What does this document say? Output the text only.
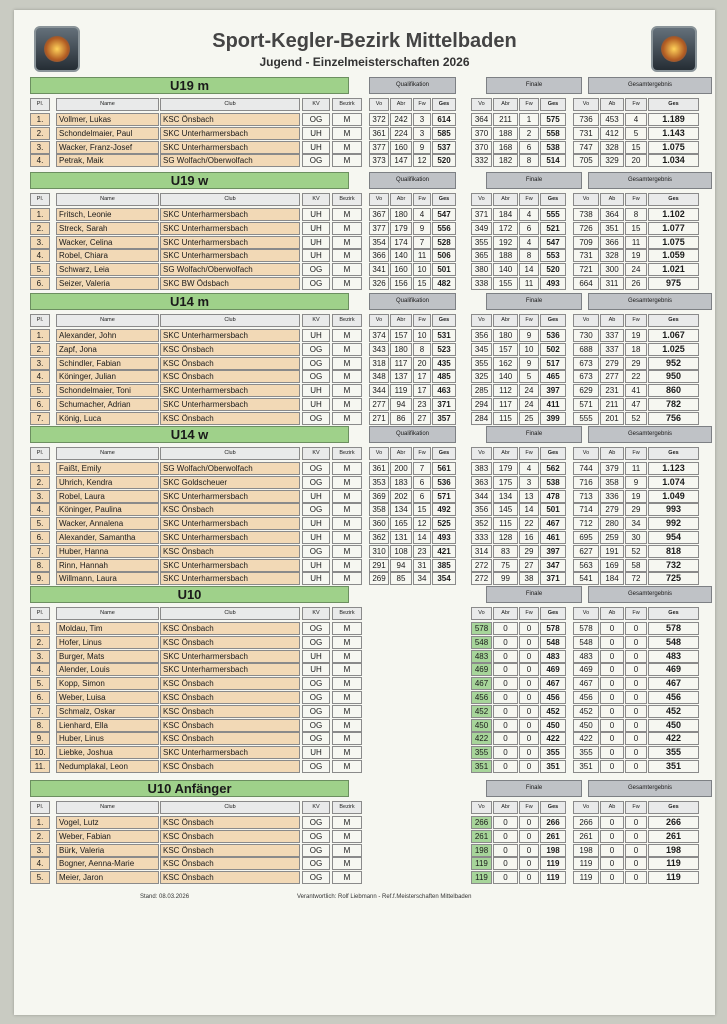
Sport-Kegler-Bezirk Mittelbaden
Jugend - Einzelmeisterschaften 2026
U19 m	Qualifikation	Finale	Gesamtergebnis
Pl.	Name	Club	KV	Bezirk	Vo	Abr	Fw	Ges	Vo	Abr	Fw	Ges	Vo	Ab	Fw	Ges
1.	Vollmer, Lukas	KSC Önsbach	OG	M	372	242	3	614	364	211	1	575	736	453	4	1.189
2.	Schondelmaier, Paul	SKC Unterharmersbach	UH	M	361	224	3	585	370	188	2	558	731	412	5	1.143
3.	Wacker, Franz-Josef	SKC Unterharmersbach	UH	M	377	160	9	537	370	168	6	538	747	328	15	1.075
4.	Petrak, Maik	SG Wolfach/Oberwolfach	OG	M	373	147	12	520	332	182	8	514	705	329	20	1.034
U19 w	Qualifikation	Finale	Gesamtergebnis
Pl.	Name	Club	KV	Bezirk	Vo	Abr	Fw	Ges	Vo	Abr	Fw	Ges	Vo	Ab	Fw	Ges
1.	Fritsch, Leonie	SKC Unterharmersbach	UH	M	367	180	4	547	371	184	4	555	738	364	8	1.102
2.	Streck, Sarah	SKC Unterharmersbach	UH	M	377	179	9	556	349	172	6	521	726	351	15	1.077
3.	Wacker, Celina	SKC Unterharmersbach	UH	M	354	174	7	528	355	192	4	547	709	366	11	1.075
4.	Robel, Chiara	SKC Unterharmersbach	UH	M	366	140	11	506	365	188	8	553	731	328	19	1.059
5.	Schwarz, Leia	SG Wolfach/Oberwolfach	OG	M	341	160	10	501	380	140	14	520	721	300	24	1.021
6.	Seizer, Valeria	SKC BW Ödsbach	OG	M	326	156	15	482	338	155	11	493	664	311	26	975
U14 m	Qualifikation	Finale	Gesamtergebnis
Pl.	Name	Club	KV	Bezirk	Vo	Abr	Fw	Ges	Vo	Abr	Fw	Ges	Vo	Ab	Fw	Ges
1.	Alexander, John	SKC Unterharmersbach	UH	M	374	157	10	531	356	180	9	536	730	337	19	1.067
2.	Zapf, Jona	KSC Önsbach	OG	M	343	180	8	523	345	157	10	502	688	337	18	1.025
3.	Schindler, Fabian	KSC Önsbach	OG	M	318	117	20	435	355	162	9	517	673	279	29	952
4.	Köninger, Julian	KSC Önsbach	OG	M	348	137	17	485	325	140	5	465	673	277	22	950
5.	Schondelmaier, Toni	SKC Unterharmersbach	UH	M	344	119	17	463	285	112	24	397	629	231	41	860
6.	Schumacher, Adrian	SKC Unterharmersbach	UH	M	277	94	23	371	294	117	24	411	571	211	47	782
7.	König, Luca	KSC Önsbach	OG	M	271	86	27	357	284	115	25	399	555	201	52	756
U14 w	Qualifikation	Finale	Gesamtergebnis
Pl.	Name	Club	KV	Bezirk	Vo	Abr	Fw	Ges	Vo	Abr	Fw	Ges	Vo	Ab	Fw	Ges
1.	Faißt, Emily	SG Wolfach/Oberwolfach	OG	M	361	200	7	561	383	179	4	562	744	379	11	1.123
2.	Uhrich, Kendra	SKC Goldscheuer	OG	M	353	183	6	536	363	175	3	538	716	358	9	1.074
3.	Robel, Laura	SKC Unterharmersbach	UH	M	369	202	6	571	344	134	13	478	713	336	19	1.049
4.	Köninger, Paulina	KSC Önsbach	OG	M	358	134	15	492	356	145	14	501	714	279	29	993
5.	Wacker, Annalena	SKC Unterharmersbach	UH	M	360	165	12	525	352	115	22	467	712	280	34	992
6.	Alexander, Samantha	SKC Unterharmersbach	UH	M	362	131	14	493	333	128	16	461	695	259	30	954
7.	Huber, Hanna	KSC Önsbach	OG	M	310	108	23	421	314	83	29	397	627	191	52	818
8.	Rinn, Hannah	SKC Unterharmersbach	UH	M	291	94	31	385	272	75	27	347	563	169	58	732
9.	Willmann, Laura	SKC Unterharmersbach	UH	M	269	85	34	354	272	99	38	371	541	184	72	725
U10	Finale	Gesamtergebnis
Pl.	Name	Club	KV	Bezirk	Vo	Abr	Fw	Ges	Vo	Ab	Fw	Ges
1.	Moldau, Tim	KSC Önsbach	OG	M	578	0	0	578	578	0	0	578
2.	Hofer, Linus	KSC Önsbach	OG	M	548	0	0	548	548	0	0	548
3.	Burger, Mats	SKC Unterharmersbach	UH	M	483	0	0	483	483	0	0	483
4.	Alender, Louis	SKC Unterharmersbach	UH	M	469	0	0	469	469	0	0	469
5.	Kopp, Simon	KSC Önsbach	OG	M	467	0	0	467	467	0	0	467
6.	Weber, Luisa	KSC Önsbach	OG	M	456	0	0	456	456	0	0	456
7.	Schmalz, Oskar	KSC Önsbach	OG	M	452	0	0	452	452	0	0	452
8.	Lienhard, Ella	KSC Önsbach	OG	M	450	0	0	450	450	0	0	450
9.	Huber, Linus	KSC Önsbach	OG	M	422	0	0	422	422	0	0	422
10.	Liebke, Joshua	SKC Unterharmersbach	UH	M	355	0	0	355	355	0	0	355
11.	Nedumplakal, Leon	KSC Önsbach	OG	M	351	0	0	351	351	0	0	351
U10 Anfänger	Finale	Gesamtergebnis
Pl.	Name	Club	KV	Bezirk	Vo	Abr	Fw	Ges	Vo	Ab	Fw	Ges
1.	Vogel, Lutz	KSC Önsbach	OG	M	266	0	0	266	266	0	0	266
2.	Weber, Fabian	KSC Önsbach	OG	M	261	0	0	261	261	0	0	261
3.	Bürk, Valeria	KSC Önsbach	OG	M	198	0	0	198	198	0	0	198
4.	Bogner, Aenna-Marie	KSC Önsbach	OG	M	119	0	0	119	119	0	0	119
5.	Meier, Jaron	KSC Önsbach	OG	M	119	0	0	119	119	0	0	119
Stand: 08.03.2026	Verantwortlich: Rolf Liebmann - Ref.f.Meisterschaften Mittelbaden
